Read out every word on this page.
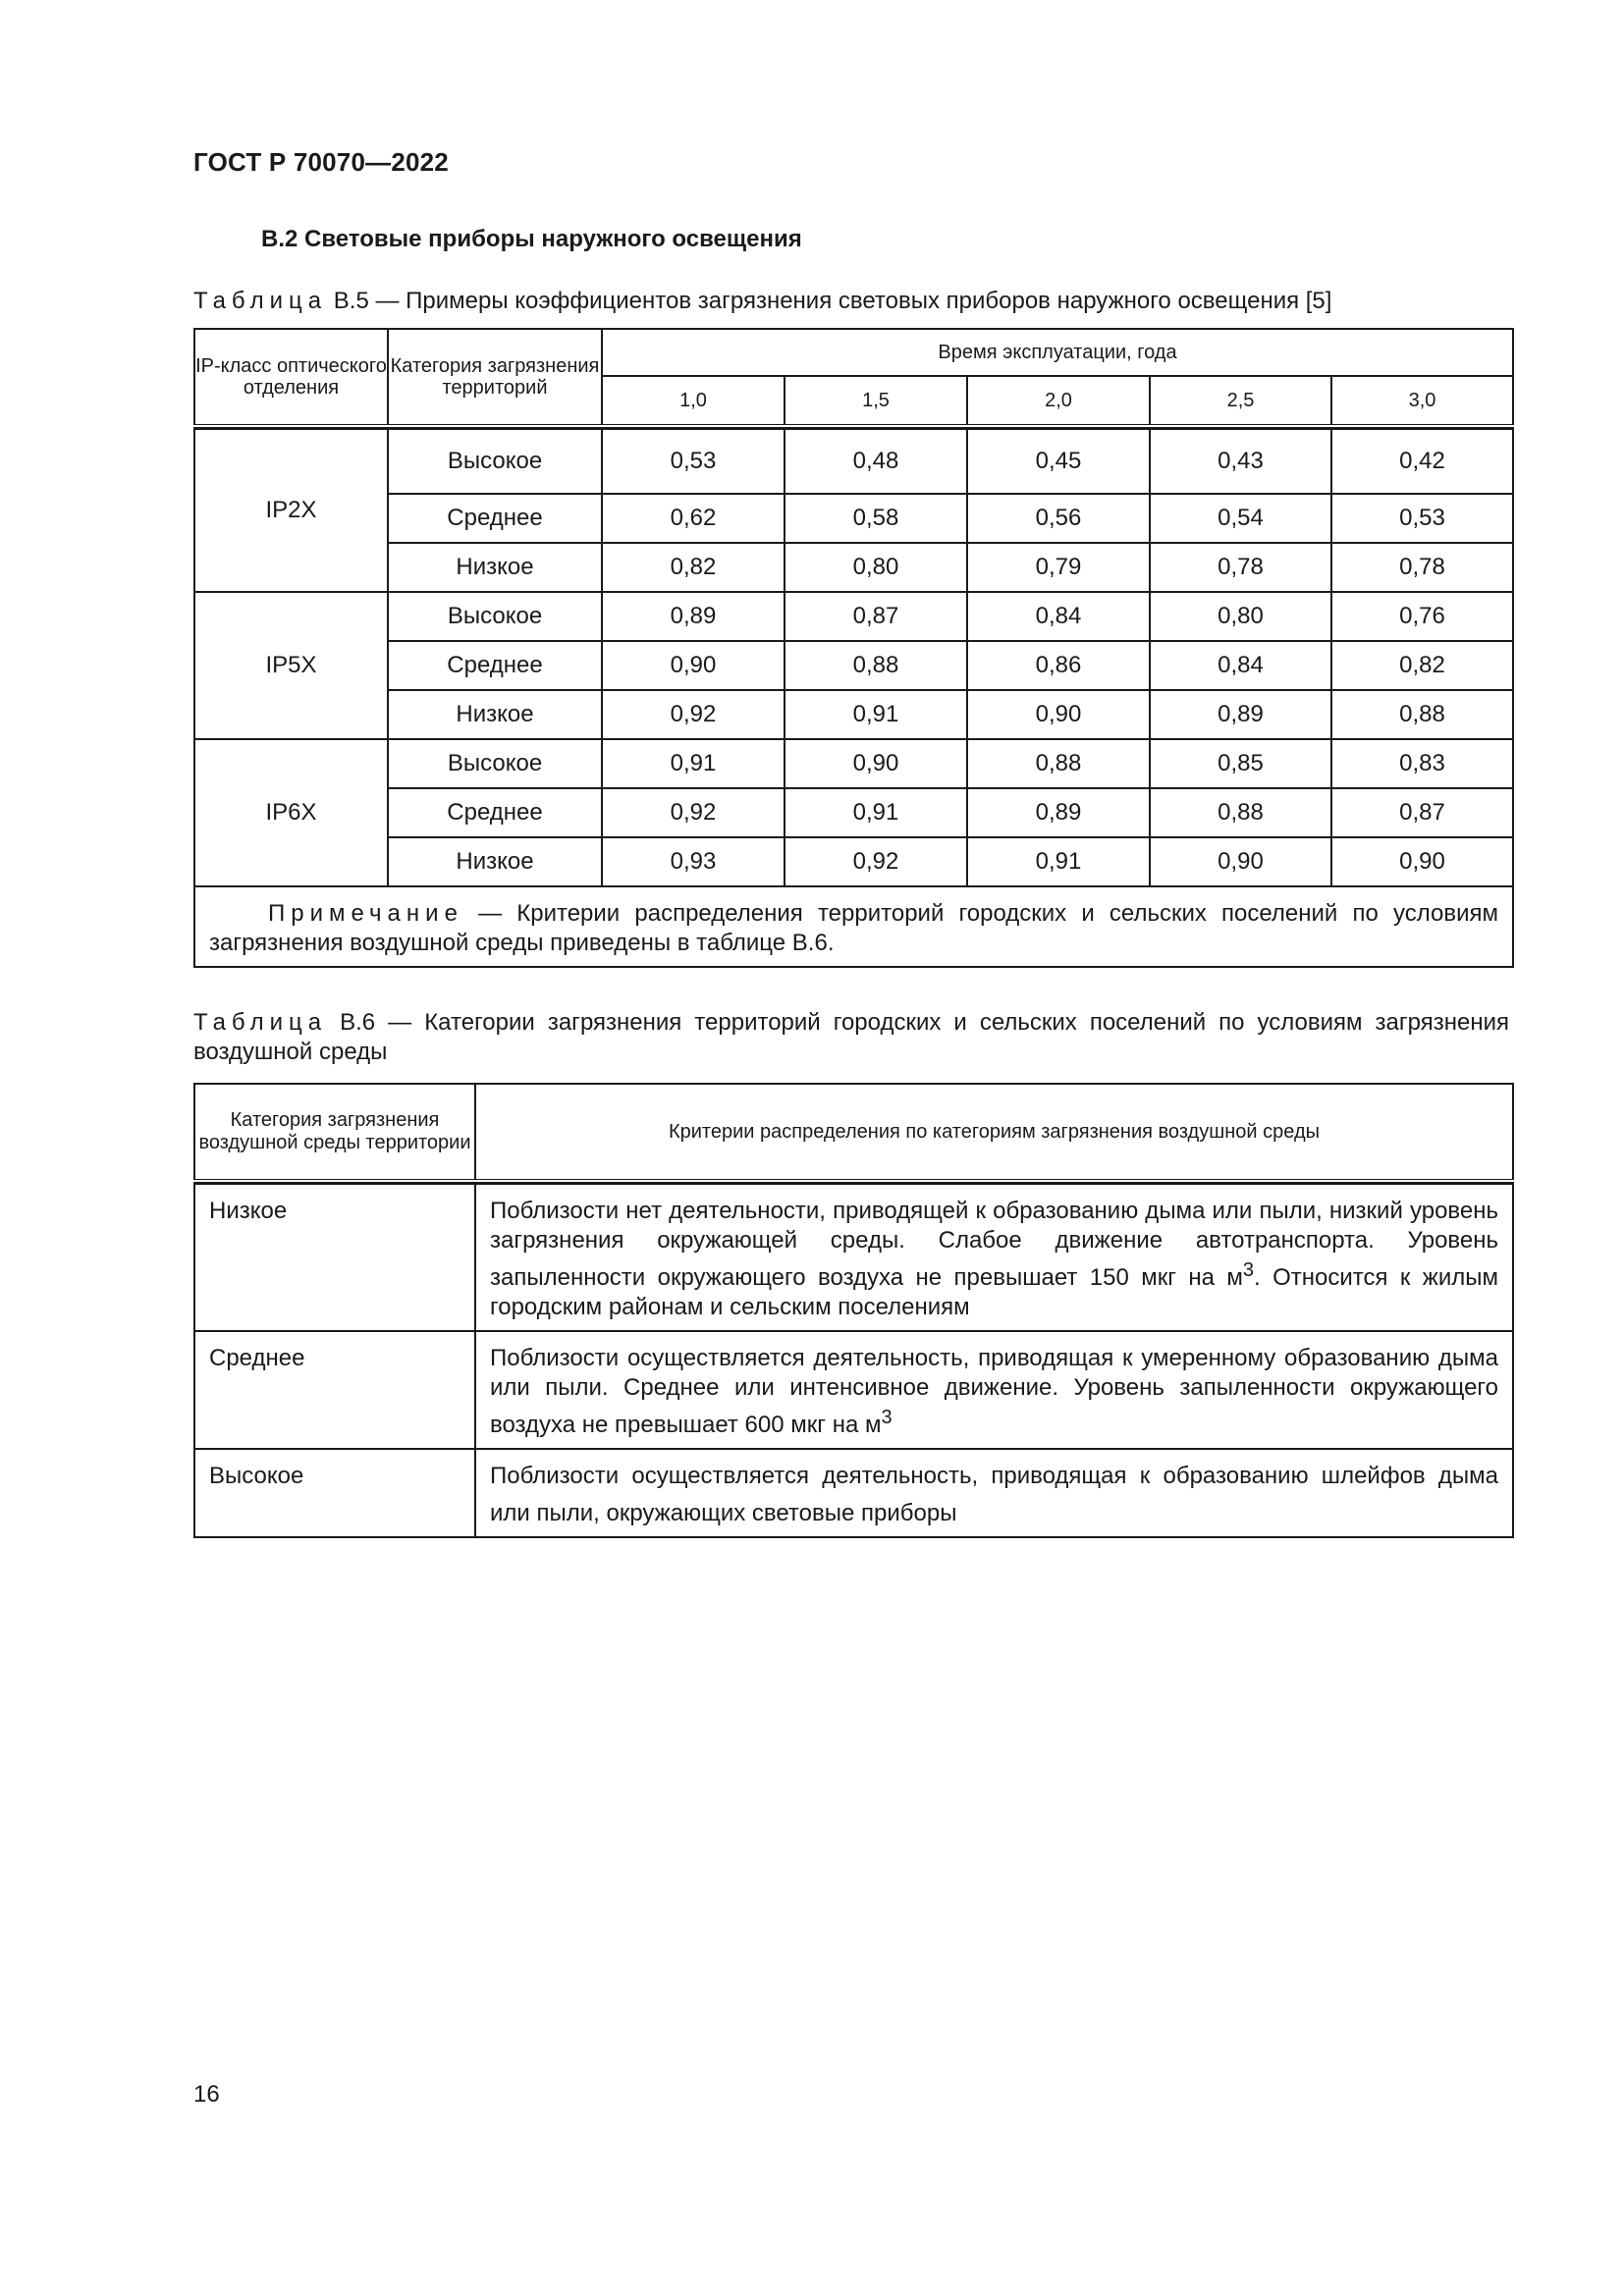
ГОСТ Р 70070—2022
В.2 Световые приборы наружного освещения
Таблица В.5 — Примеры коэффициентов загрязнения световых приборов наружного освещения [5]
IP-класс оптического отделения	Категория загрязнения территорий	Время эксплуатации, года				
		1,0	1,5	2,0	2,5	3,0

IP2X	Высокое	0,53	0,48	0,45	0,43	0,42
	Среднее	0,62	0,58	0,56	0,54	0,53
	Низкое	0,82	0,80	0,79	0,78	0,78
IP5X	Высокое	0,89	0,87	0,84	0,80	0,76
	Среднее	0,90	0,88	0,86	0,84	0,82
	Низкое	0,92	0,91	0,90	0,89	0,88
IP6X	Высокое	0,91	0,90	0,88	0,85	0,83
	Среднее	0,92	0,91	0,89	0,88	0,87
	Низкое	0,93	0,92	0,91	0,90	0,90
   Примечание — Критерии распределения территорий городских и сельских поселений по условиям загрязнения воздушной среды приведены в таблице В.6.						
Таблица В.6 — Категории загрязнения территорий городских и сельских поселений по условиям загрязнения воздушной среды
Категория загрязнения воздушной среды территории	Критерии распределения по категориям загрязнения воздушной среды

Низкое	Поблизости нет деятельности, приводящей к образованию дыма или пыли, низкий уровень загрязнения окружающей среды. Слабое движение автотранспорта. Уровень запыленности окружающего воздуха не превышает 150 мкг на $м^3$. Относится к жилым городским районам и сельским поселениям
Среднее	Поблизости осуществляется деятельность, приводящая к умеренному образованию дыма или пыли. Среднее или интенсивное движение. Уровень запыленности окружающего воздуха не превышает 600 мкг на $м^3$
Высокое	Поблизости осуществляется деятельность, приводящая к образованию шлейфов дыма или пыли, окружающих световые приборы
16
